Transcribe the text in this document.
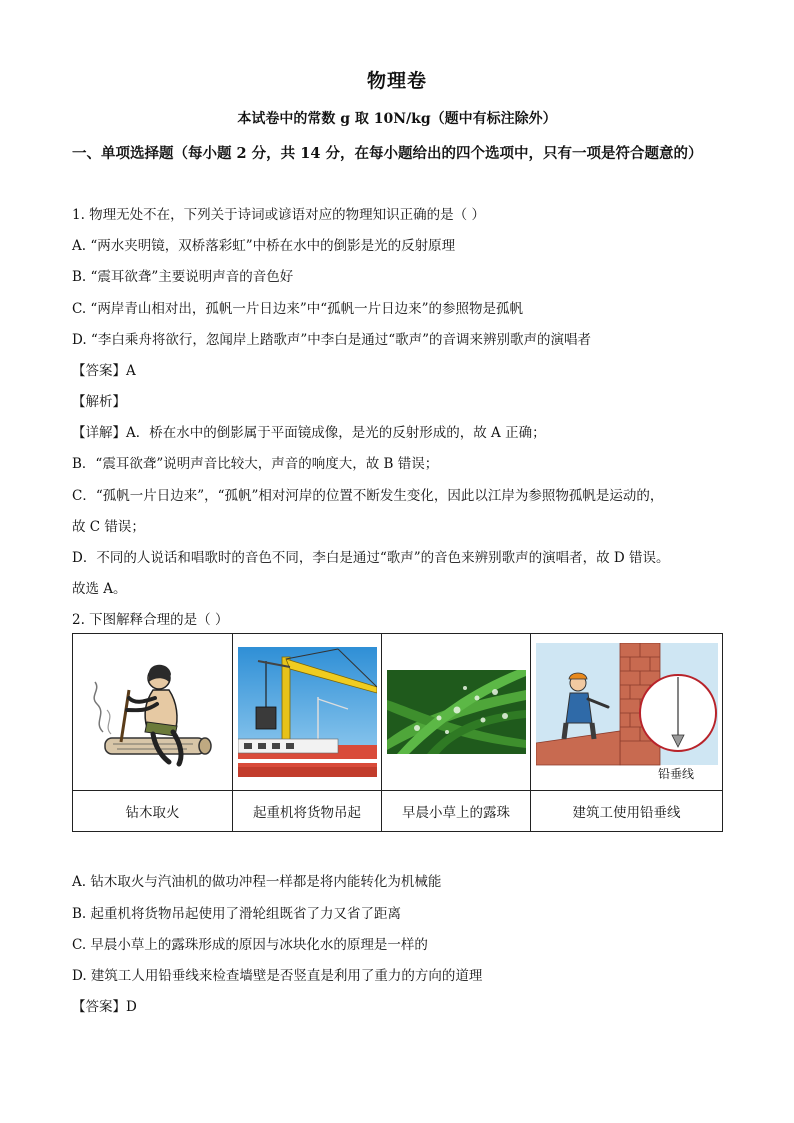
物理卷
本试卷中的常数 g 取 10N/kg（题中有标注除外）
一、单项选择题（每小题 2 分，共 14 分，在每小题给出的四个选项中，只有一项是符合题意的）
1. 物理无处不在，下列关于诗词或谚语对应的物理知识正确的是（ ）
A. “两水夹明镜，双桥落彩虹”中桥在水中的倒影是光的反射原理
B. “震耳欲聋”主要说明声音的音色好
C. “两岸青山相对出，孤帆一片日边来”中“孤帆一片日边来”的参照物是孤帆
D. “李白乘舟将欲行，忽闻岸上踏歌声”中李白是通过“歌声”的音调来辨别歌声的演唱者
【答案】A
【解析】
【详解】A．桥在水中的倒影属于平面镜成像，是光的反射形成的，故 A 正确；
B．“震耳欲聋”说明声音比较大，声音的响度大，故 B 错误；
C．“孤帆一片日边来”，“孤帆”相对河岸的位置不断发生变化，因此以江岸为参照物孤帆是运动的，
故 C 错误；
D．不同的人说话和唱歌时的音色不同，李白是通过“歌声”的音色来辨别歌声的演唱者，故 D 错误。
故选 A。
2. 下图解释合理的是（ ）

铅垂线

钻木取火	起重机将货物吊起	早晨小草上的露珠	建筑工使用铅垂线
A. 钻木取火与汽油机的做功冲程一样都是将内能转化为机械能
B. 起重机将货物吊起使用了滑轮组既省了力又省了距离
C. 早晨小草上的露珠形成的原因与冰块化水的原理是一样的
D. 建筑工人用铅垂线来检查墙壁是否竖直是利用了重力的方向的道理
【答案】D
